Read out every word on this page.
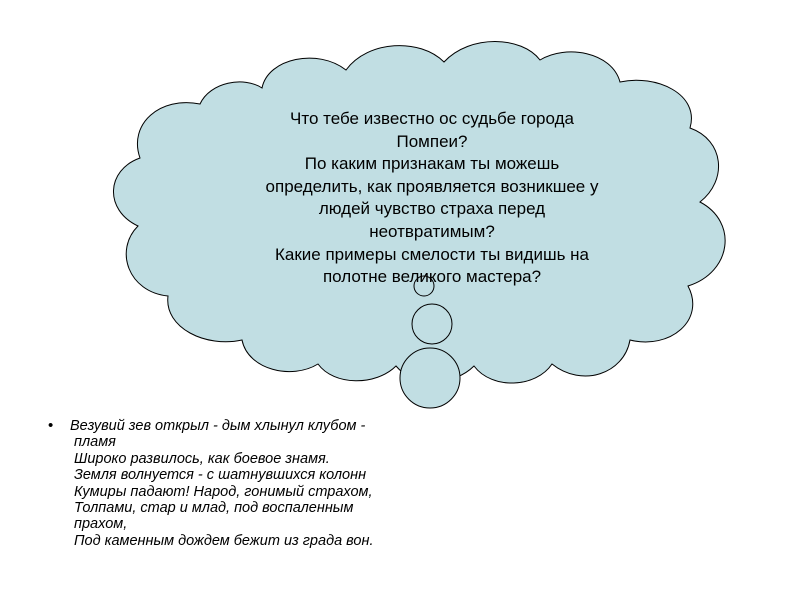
Что тебе известно ос судьбе города
Помпеи?
По каким признакам ты можешь
определить, как проявляется возникшее у
людей чувство страха перед
неотвратимым?
Какие примеры смелости ты видишь на
полотне великого мастера?
• Везувий зев открыл - дым хлынул клубом -
пламя
Широко развилось, как боевое знамя.
Земля волнуется - с шатнувшихся колонн
Кумиры падают! Народ, гонимый страхом,
Толпами, стар и млад, под воспаленным
прахом,
Под каменным дождем бежит из града вон.
